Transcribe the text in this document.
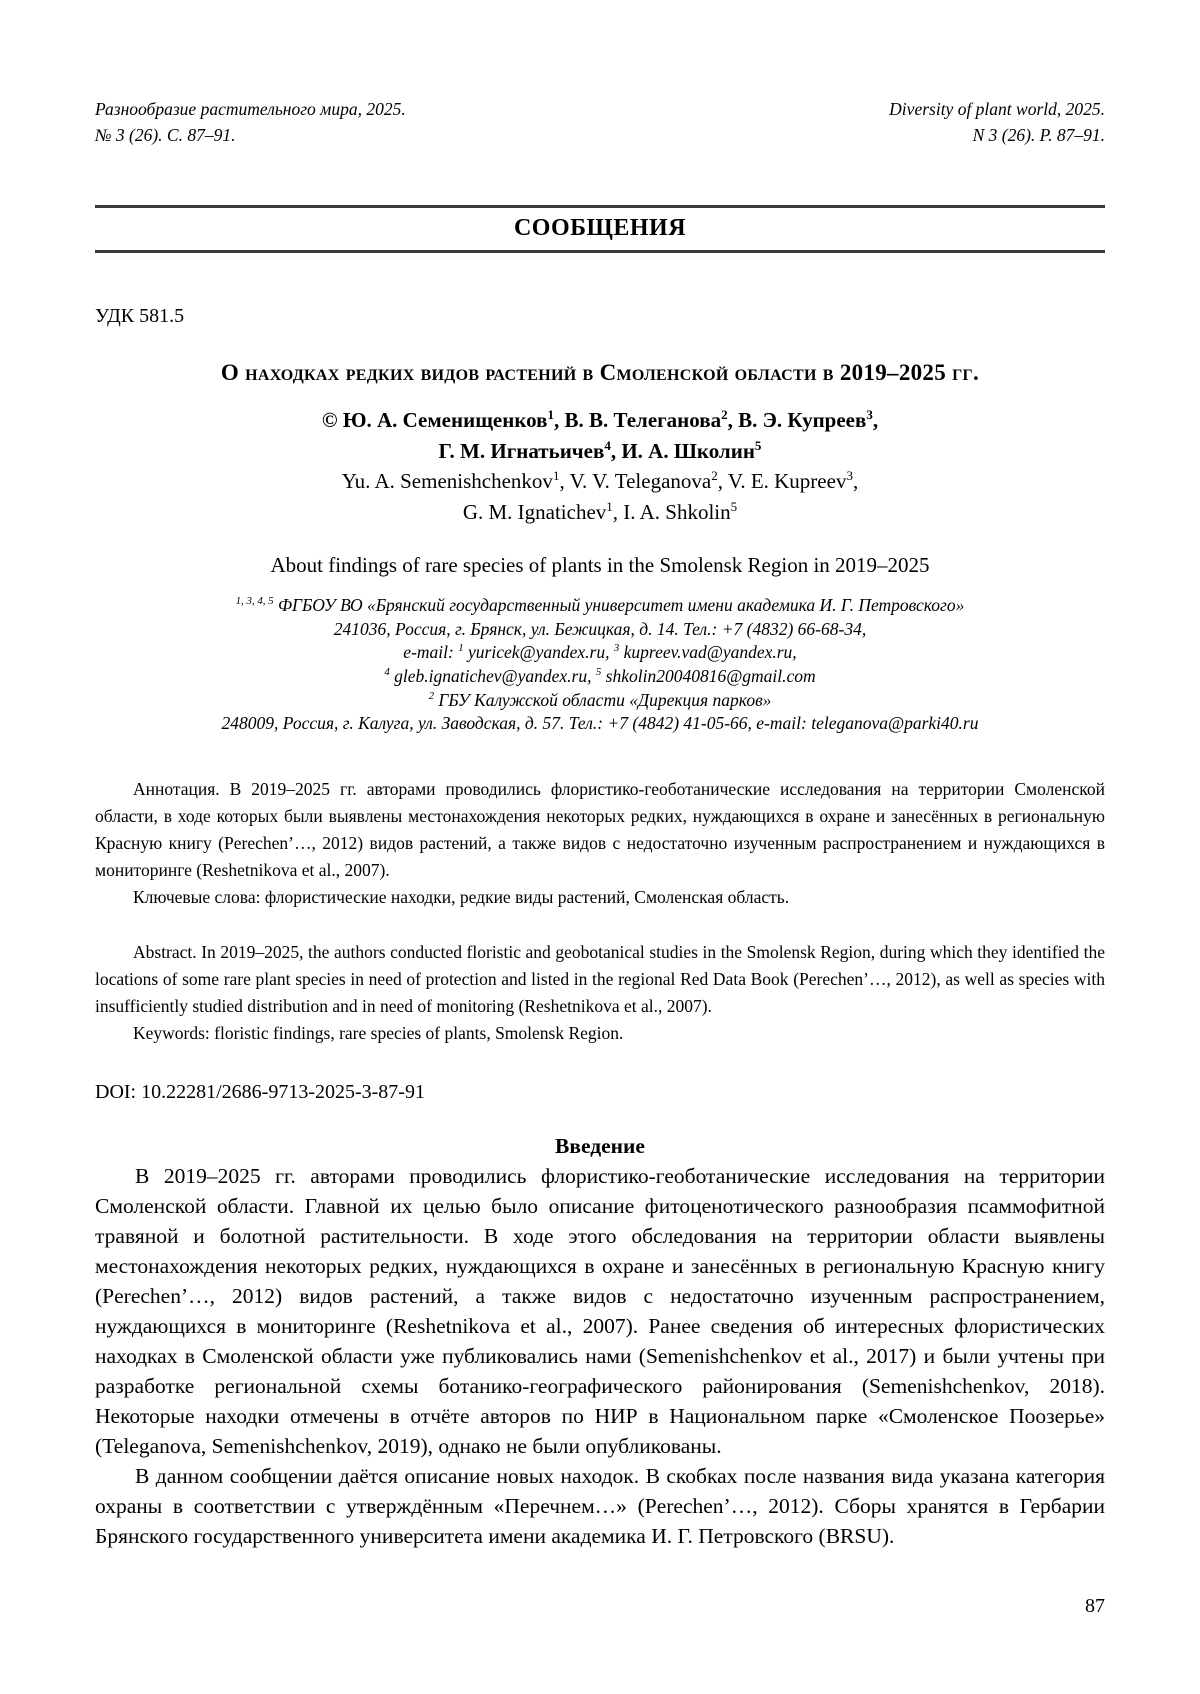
Разнообразие растительного мира, 2025.
№ 3 (26). С. 87–91.
Diversity of plant world, 2025.
N 3 (26). P. 87–91.
СООБЩЕНИЯ
УДК 581.5
О находках редких видов растений в Смоленской области в 2019–2025 гг.
© Ю. А. Семенищенков$^1$, В. В. Телеганова$^2$, В. Э. Купреев$^3$,
Г. М. Игнатьичев$^4$, И. А. Школин$^5$
Yu. A. Semenishchenkov$^1$, V. V. Teleganova$^2$, V. E. Kupreev$^3$,
G. M. Ignatichev$^1$, I. A. Shkolin$^5$
About findings of rare species of plants in the Smolensk Region in 2019–2025
$^{1, 3, 4, 5}$ ФГБОУ ВО «Брянский государственный университет имени академика И. Г. Петровского»
241036, Россия, г. Брянск, ул. Бежицкая, д. 14. Тел.: +7 (4832) 66-68-34,
e-mail: $^1$ yuricek@yandex.ru, $^3$ kupreev.vad@yandex.ru,
$^4$ gleb.ignatichev@yandex.ru, $^5$ shkolin20040816@gmail.com
$^2$ ГБУ Калужской области «Дирекция парков»
248009, Россия, г. Калуга, ул. Заводская, д. 57. Тел.: +7 (4842) 41-05-66, e-mail: teleganova@parki40.ru

Аннотация. В 2019–2025 гг. авторами проводились флористико-геоботанические исследования на территории Смоленской области, в ходе которых были выявлены местонахождения некоторых редких, нуждающихся в охране и занесённых в региональную Красную книгу (Perechen’…, 2012) видов растений, а также видов с недостаточно изученным распространением и нуждающихся в мониторинге (Reshetnikova et al., 2007).

Ключевые слова: флористические находки, редкие виды растений, Смоленская область.

Abstract. In 2019–2025, the authors conducted floristic and geobotanical studies in the Smolensk Region, during which they identified the locations of some rare plant species in need of protection and listed in the regional Red Data Book (Perechen’…, 2012), as well as species with insufficiently studied distribution and in need of monitoring (Reshetnikova et al., 2007).

Keywords: floristic findings, rare species of plants, Smolensk Region.

DOI: 10.22281/2686-9713-2025-3-87-91
Введение

В 2019–2025 гг. авторами проводились флористико-геоботанические исследования на территории Смоленской области. Главной их целью было описание фитоценотического разнообразия псаммофитной травяной и болотной растительности. В ходе этого обследования на территории области выявлены местонахождения некоторых редких, нуждающихся в охране и занесённых в региональную Красную книгу (Perechen’…, 2012) видов растений, а также видов с недостаточно изученным распространением, нуждающихся в мониторинге (Reshetnikova et al., 2007). Ранее сведения об интересных флористических находках в Смоленской области уже публиковались нами (Semenishchenkov et al., 2017) и были учтены при разработке региональной схемы ботанико-географического районирования (Semenishchenkov, 2018). Некоторые находки отмечены в отчёте авторов по НИР в Национальном парке «Смоленское Поозерье» (Teleganova, Semenishchenkov, 2019), однако не были опубликованы.

В данном сообщении даётся описание новых находок. В скобках после названия вида указана категория охраны в соответствии с утверждённым «Перечнем…» (Perechen’…, 2012). Сборы хранятся в Гербарии Брянского государственного университета имени академика И. Г. Петровского (BRSU).

87
